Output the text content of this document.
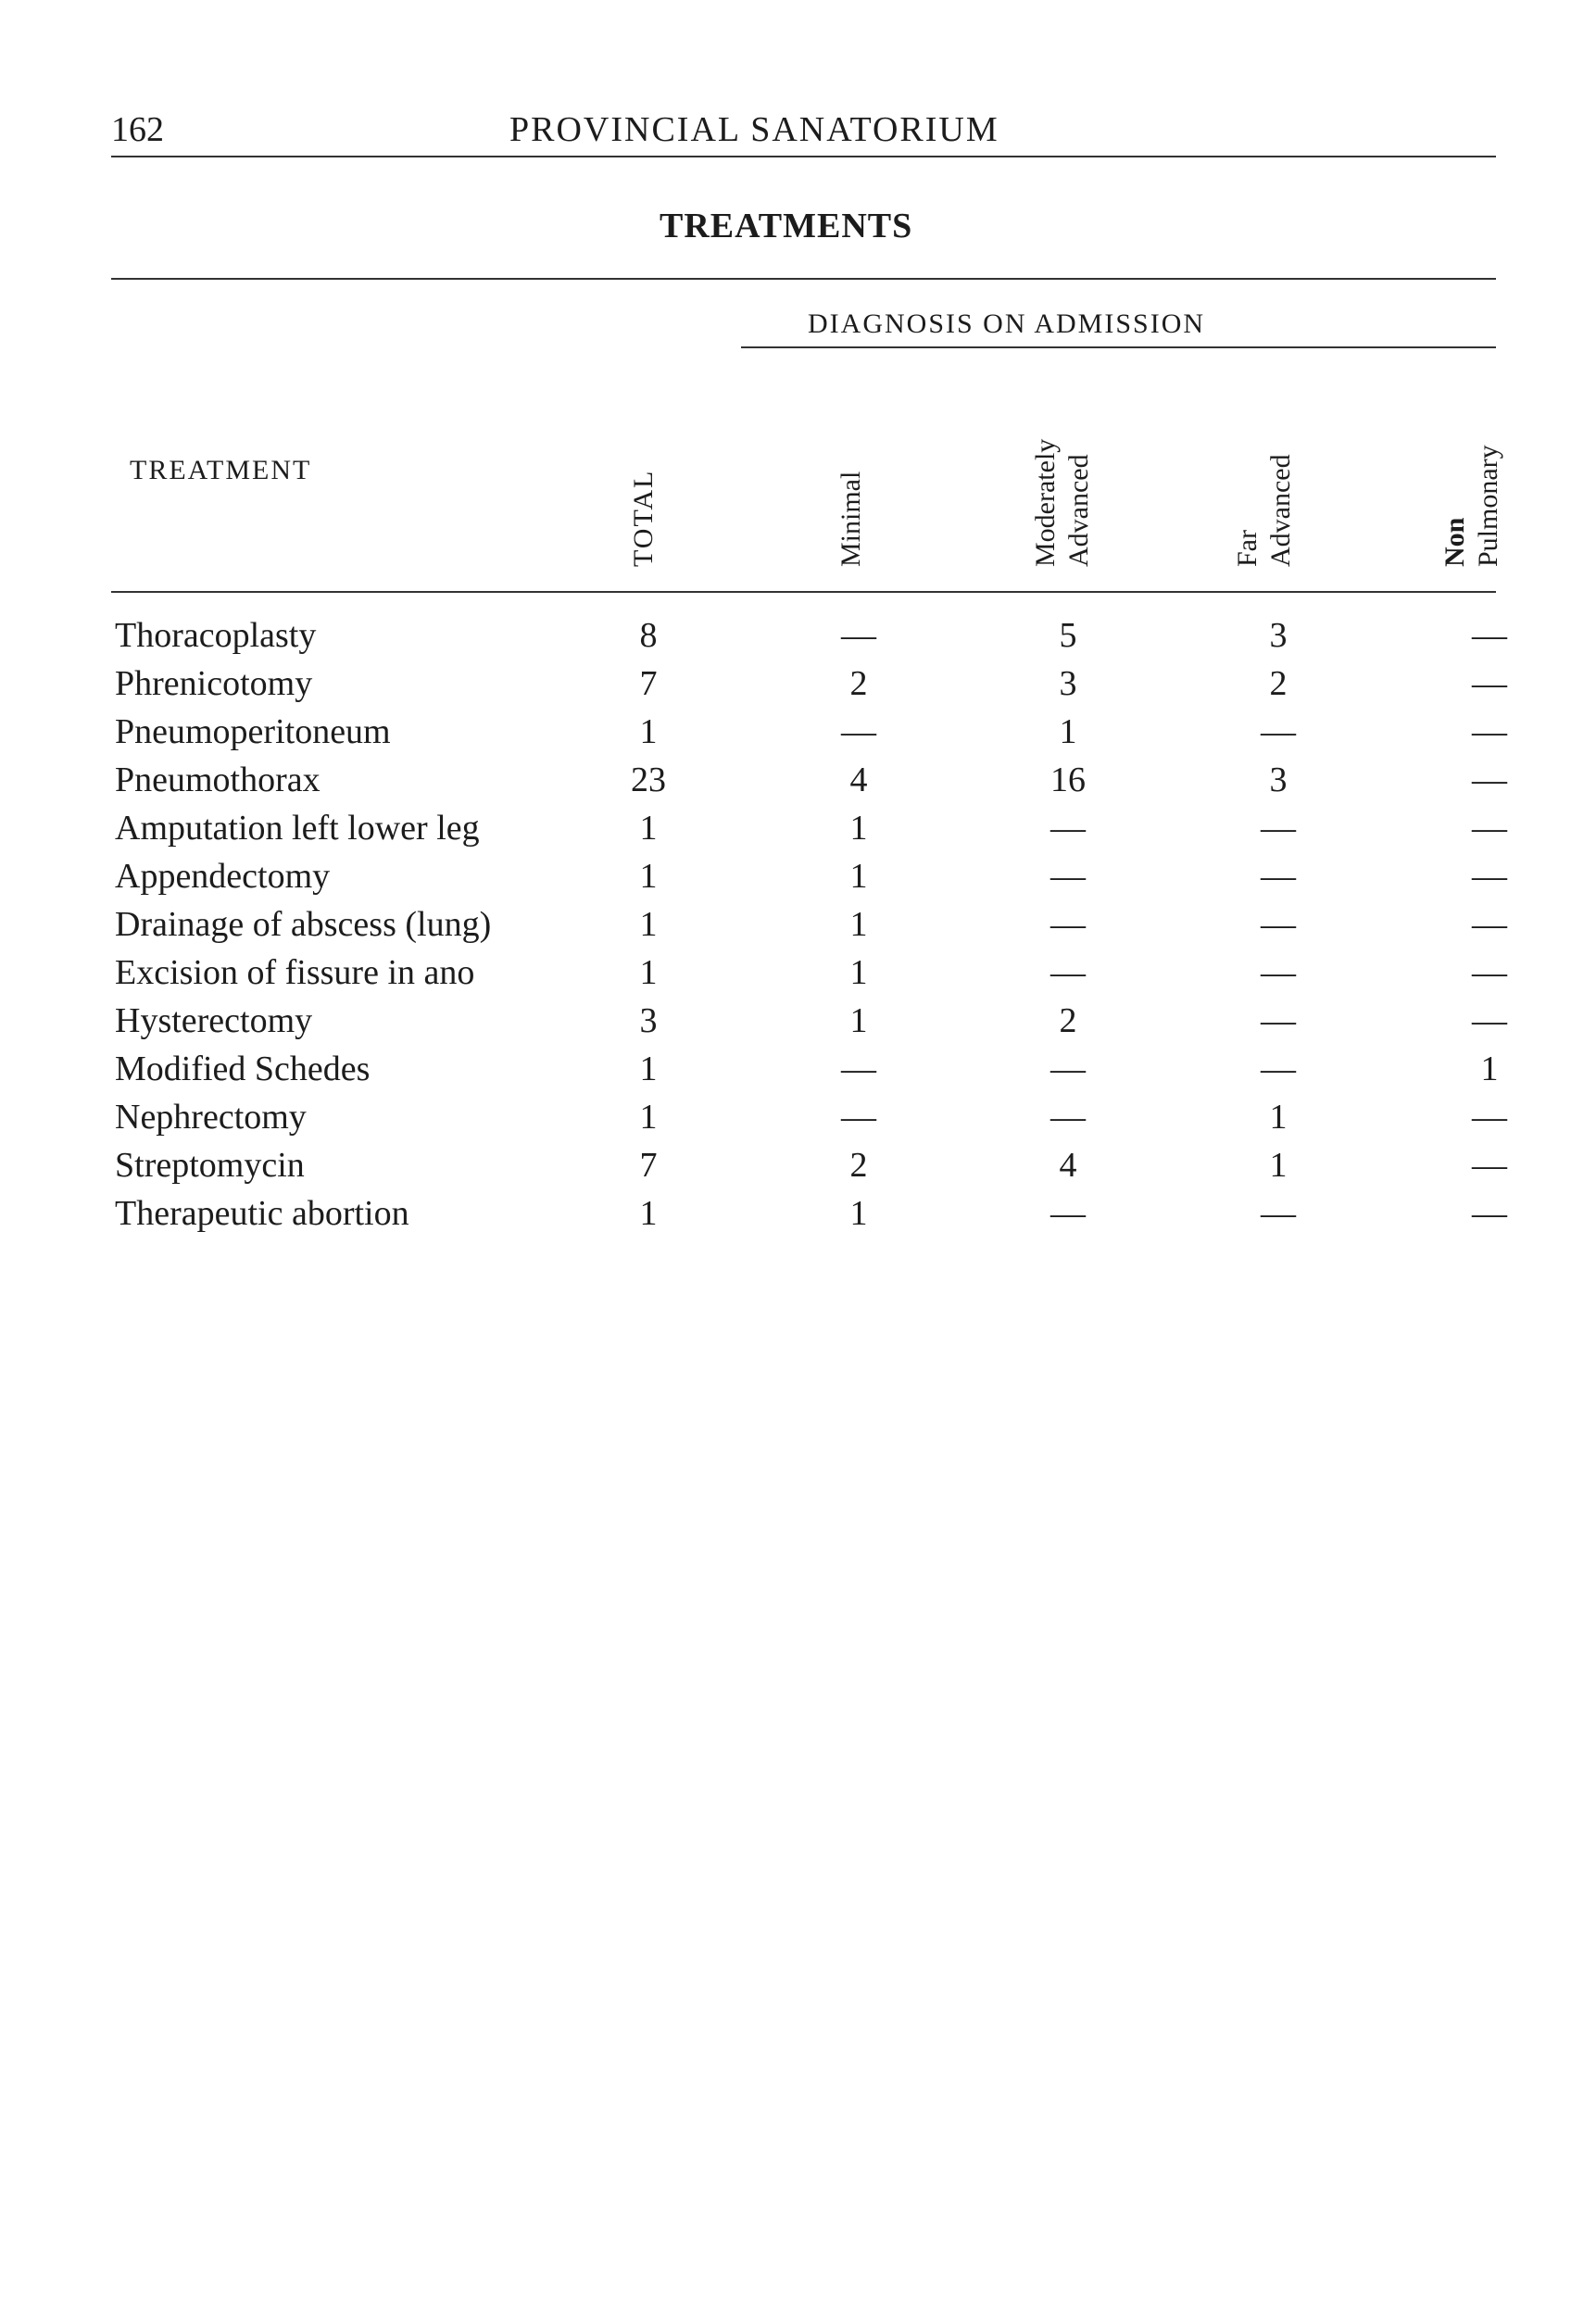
162	PROVINCIAL SANATORIUM
TREATMENTS
DIAGNOSIS ON ADMISSION
TREATMENT	TOTAL	Minimal	Moderately Advanced	Far Advanced	Non Pulmonary
Thoracoplasty	8	—	5	3	—
Phrenicotomy	7	2	3	2	—
Pneumoperitoneum	1	—	1	—	—
Pneumothorax	23	4	16	3	—
Amputation left lower leg	1	1	—	—	—
Appendectomy	1	1	—	—	—
Drainage of abscess (lung)	1	1	—	—	—
Excision of fissure in ano	1	1	—	—	—
Hysterectomy	3	1	2	—	—
Modified Schedes	1	—	—	—	1
Nephrectomy	1	—	—	1	—
Streptomycin	7	2	4	1	—
Therapeutic abortion	1	1	—	—	—
